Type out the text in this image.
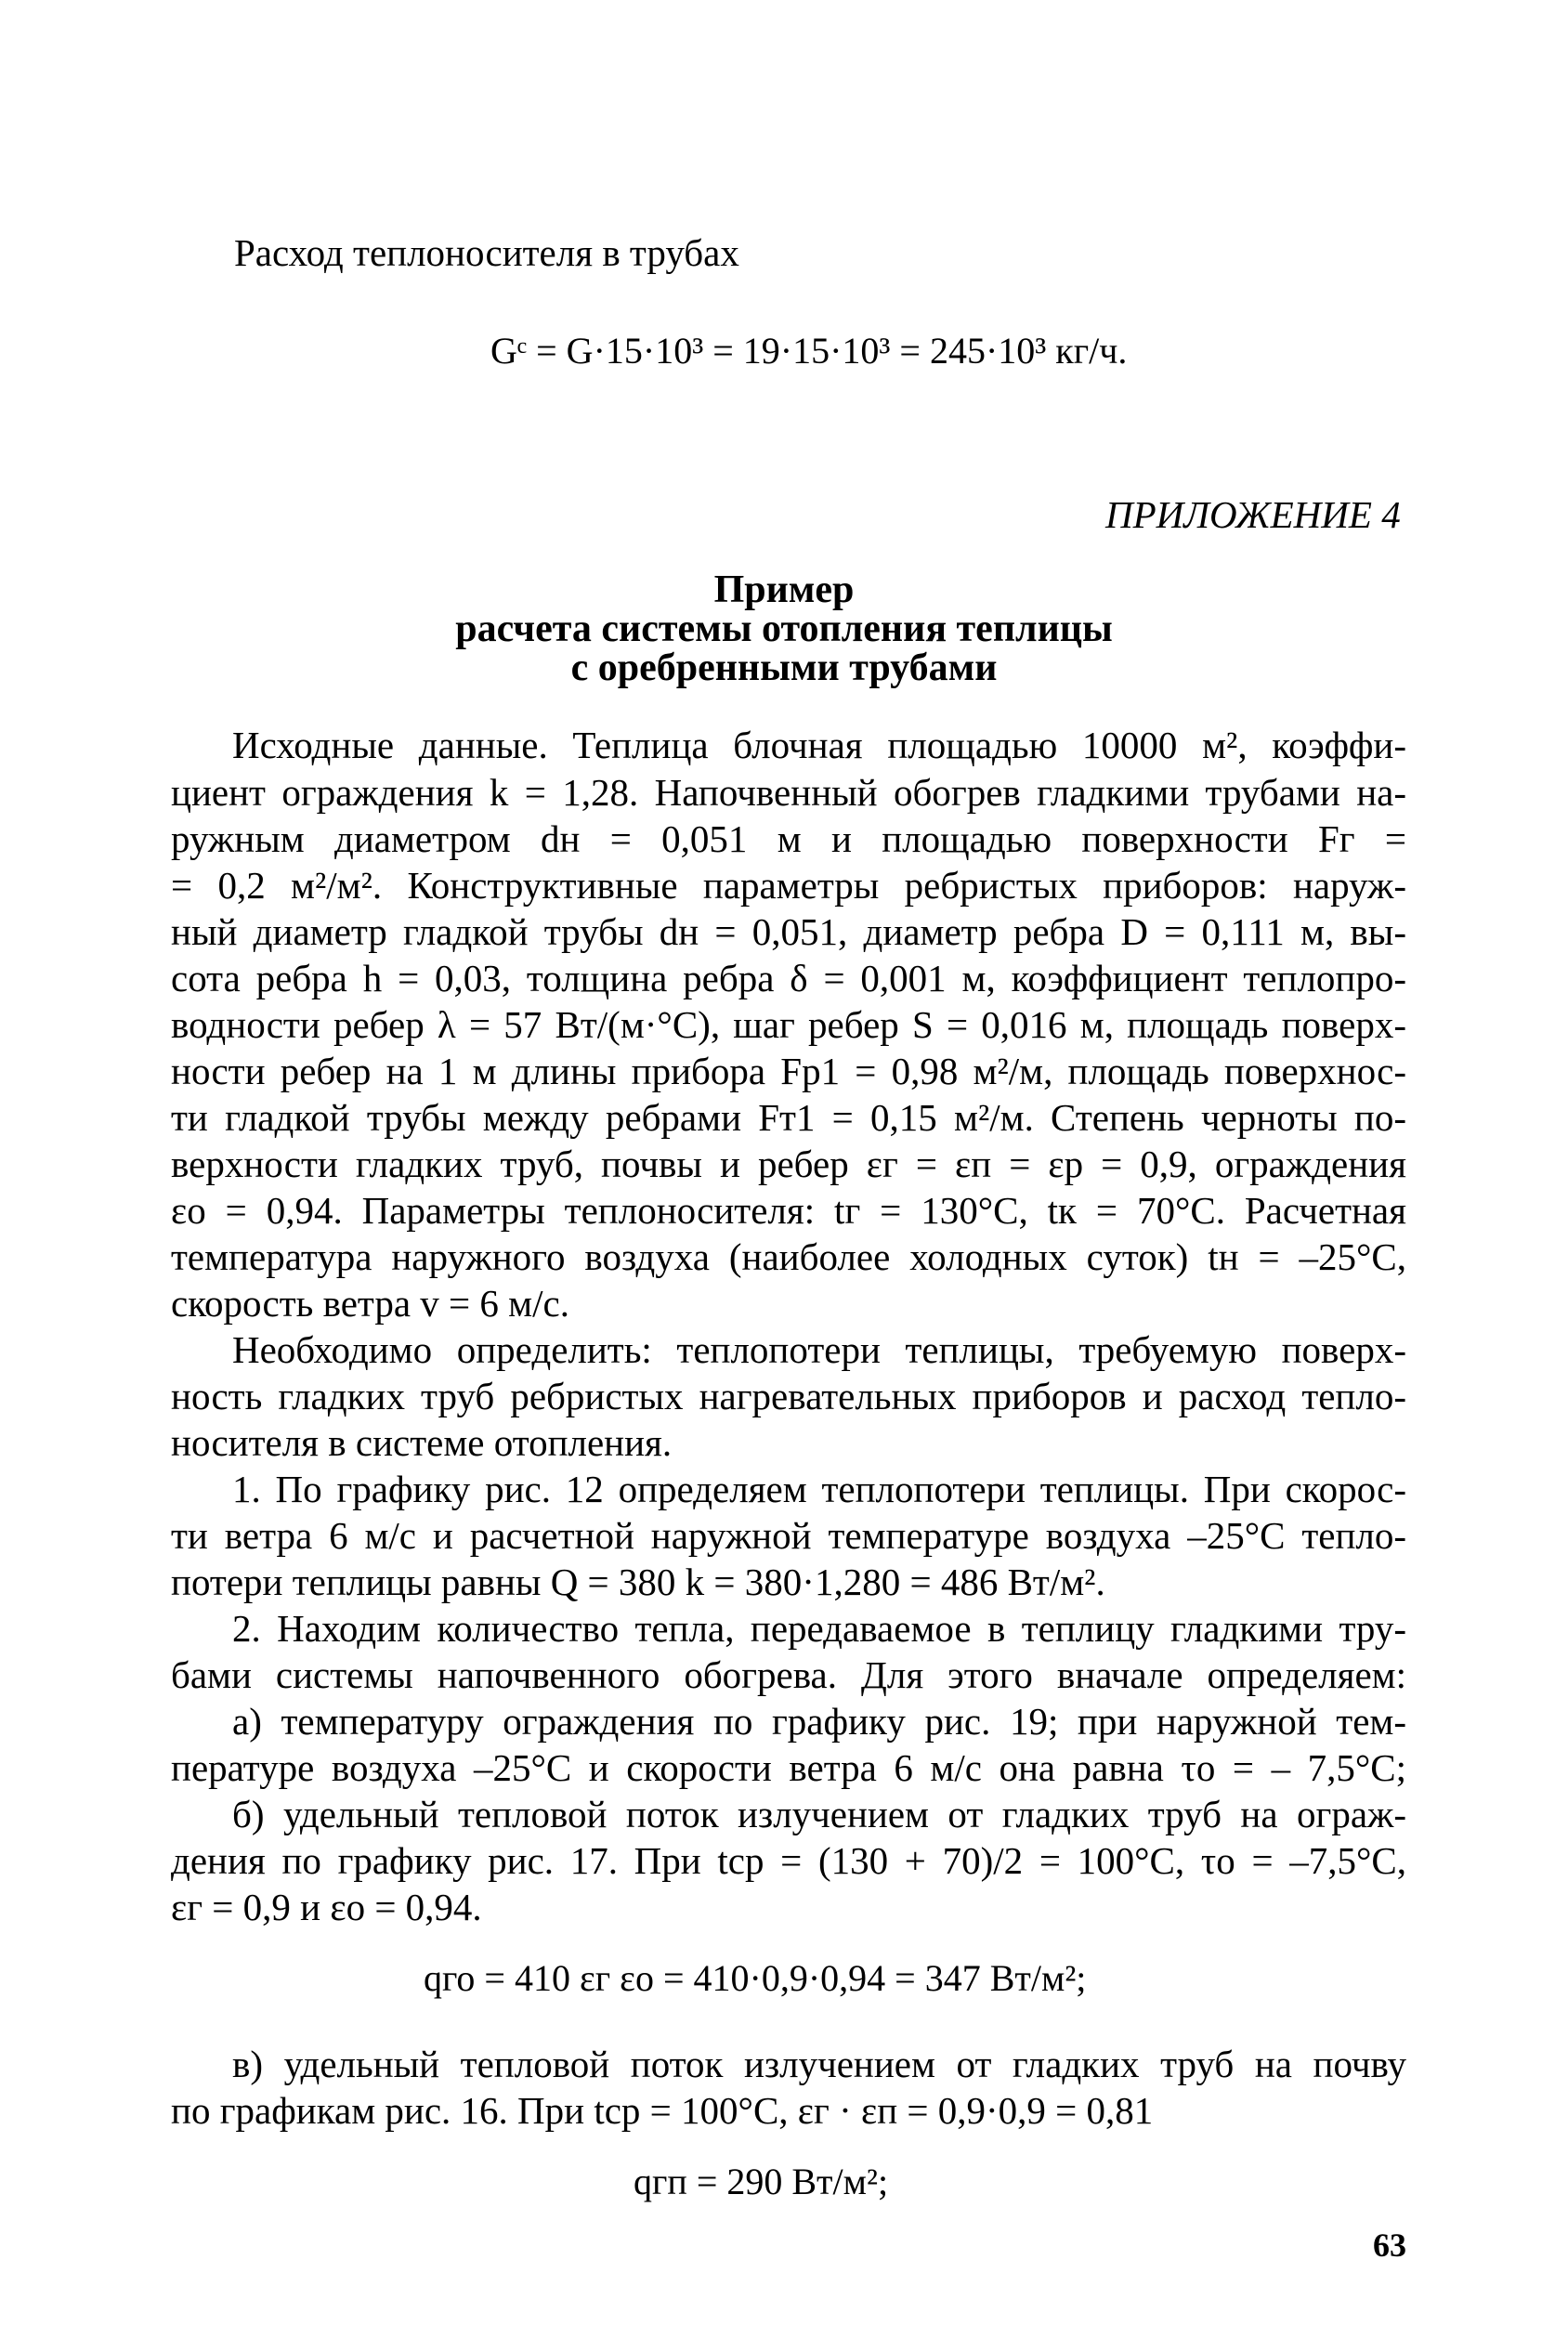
Расход теплоносителя в трубах
Gᶜ = G·15·10³ = 19·15·10³ = 245·10³ кг/ч.
ПРИЛОЖЕНИЕ 4
Пример
расчета системы отопления теплицы
с оребренными трубами
Исходные данные. Теплица блочная площадью 10000 м², коэффи-
циент ограждения k = 1,28. Напочвенный обогрев гладкими трубами на-
ружным диаметром dн = 0,051 м и площадью поверхности Fг =
= 0,2 м²/м². Конструктивные параметры ребристых приборов: наруж-
ный диаметр гладкой трубы dн = 0,051, диаметр ребра D = 0,111 м, вы-
сота ребра h = 0,03, толщина ребра δ = 0,001 м, коэффициент теплопро-
водности ребер λ = 57 Вт/(м·°С), шаг ребер S = 0,016 м, площадь поверх-
ности ребер на 1 м длины прибора Fр1 = 0,98 м²/м, площадь поверхнос-
ти гладкой трубы между ребрами Fт1 = 0,15 м²/м. Степень черноты по-
верхности гладких труб, почвы и ребер εг = εп = εр = 0,9, ограждения
εо = 0,94. Параметры теплоносителя: tг = 130°С, tк = 70°С. Расчетная
температура наружного воздуха (наиболее холодных суток) tн = –25°С,
скорость ветра v = 6 м/с.
Необходимо определить: теплопотери теплицы, требуемую поверх-
ность гладких труб ребристых нагревательных приборов и расход тепло-
носителя в системе отопления.
1. По графику рис. 12 определяем теплопотери теплицы. При скорос-
ти ветра 6 м/с и расчетной наружной температуре воздуха –25°С тепло-
потери теплицы равны Q = 380 k = 380·1,280 = 486 Вт/м².
2. Находим количество тепла, передаваемое в теплицу гладкими тру-
бами системы напочвенного обогрева. Для этого вначале определяем:
а) температуру ограждения по графику рис. 19; при наружной тем-
пературе воздуха –25°С и скорости ветра 6 м/с она равна τо = – 7,5°С;
б) удельный тепловой поток излучением от гладких труб на ограж-
дения по графику рис. 17. При tср = (130 + 70)/2 = 100°С, τо = –7,5°С,
εг = 0,9 и εо = 0,94.
qго = 410 εг εо = 410·0,9·0,94 = 347 Вт/м²;
в) удельный тепловой поток излучением от гладких труб на почву
по графикам рис. 16. При tср = 100°С, εг · εп = 0,9·0,9 = 0,81
qгп = 290 Вт/м²;
63
